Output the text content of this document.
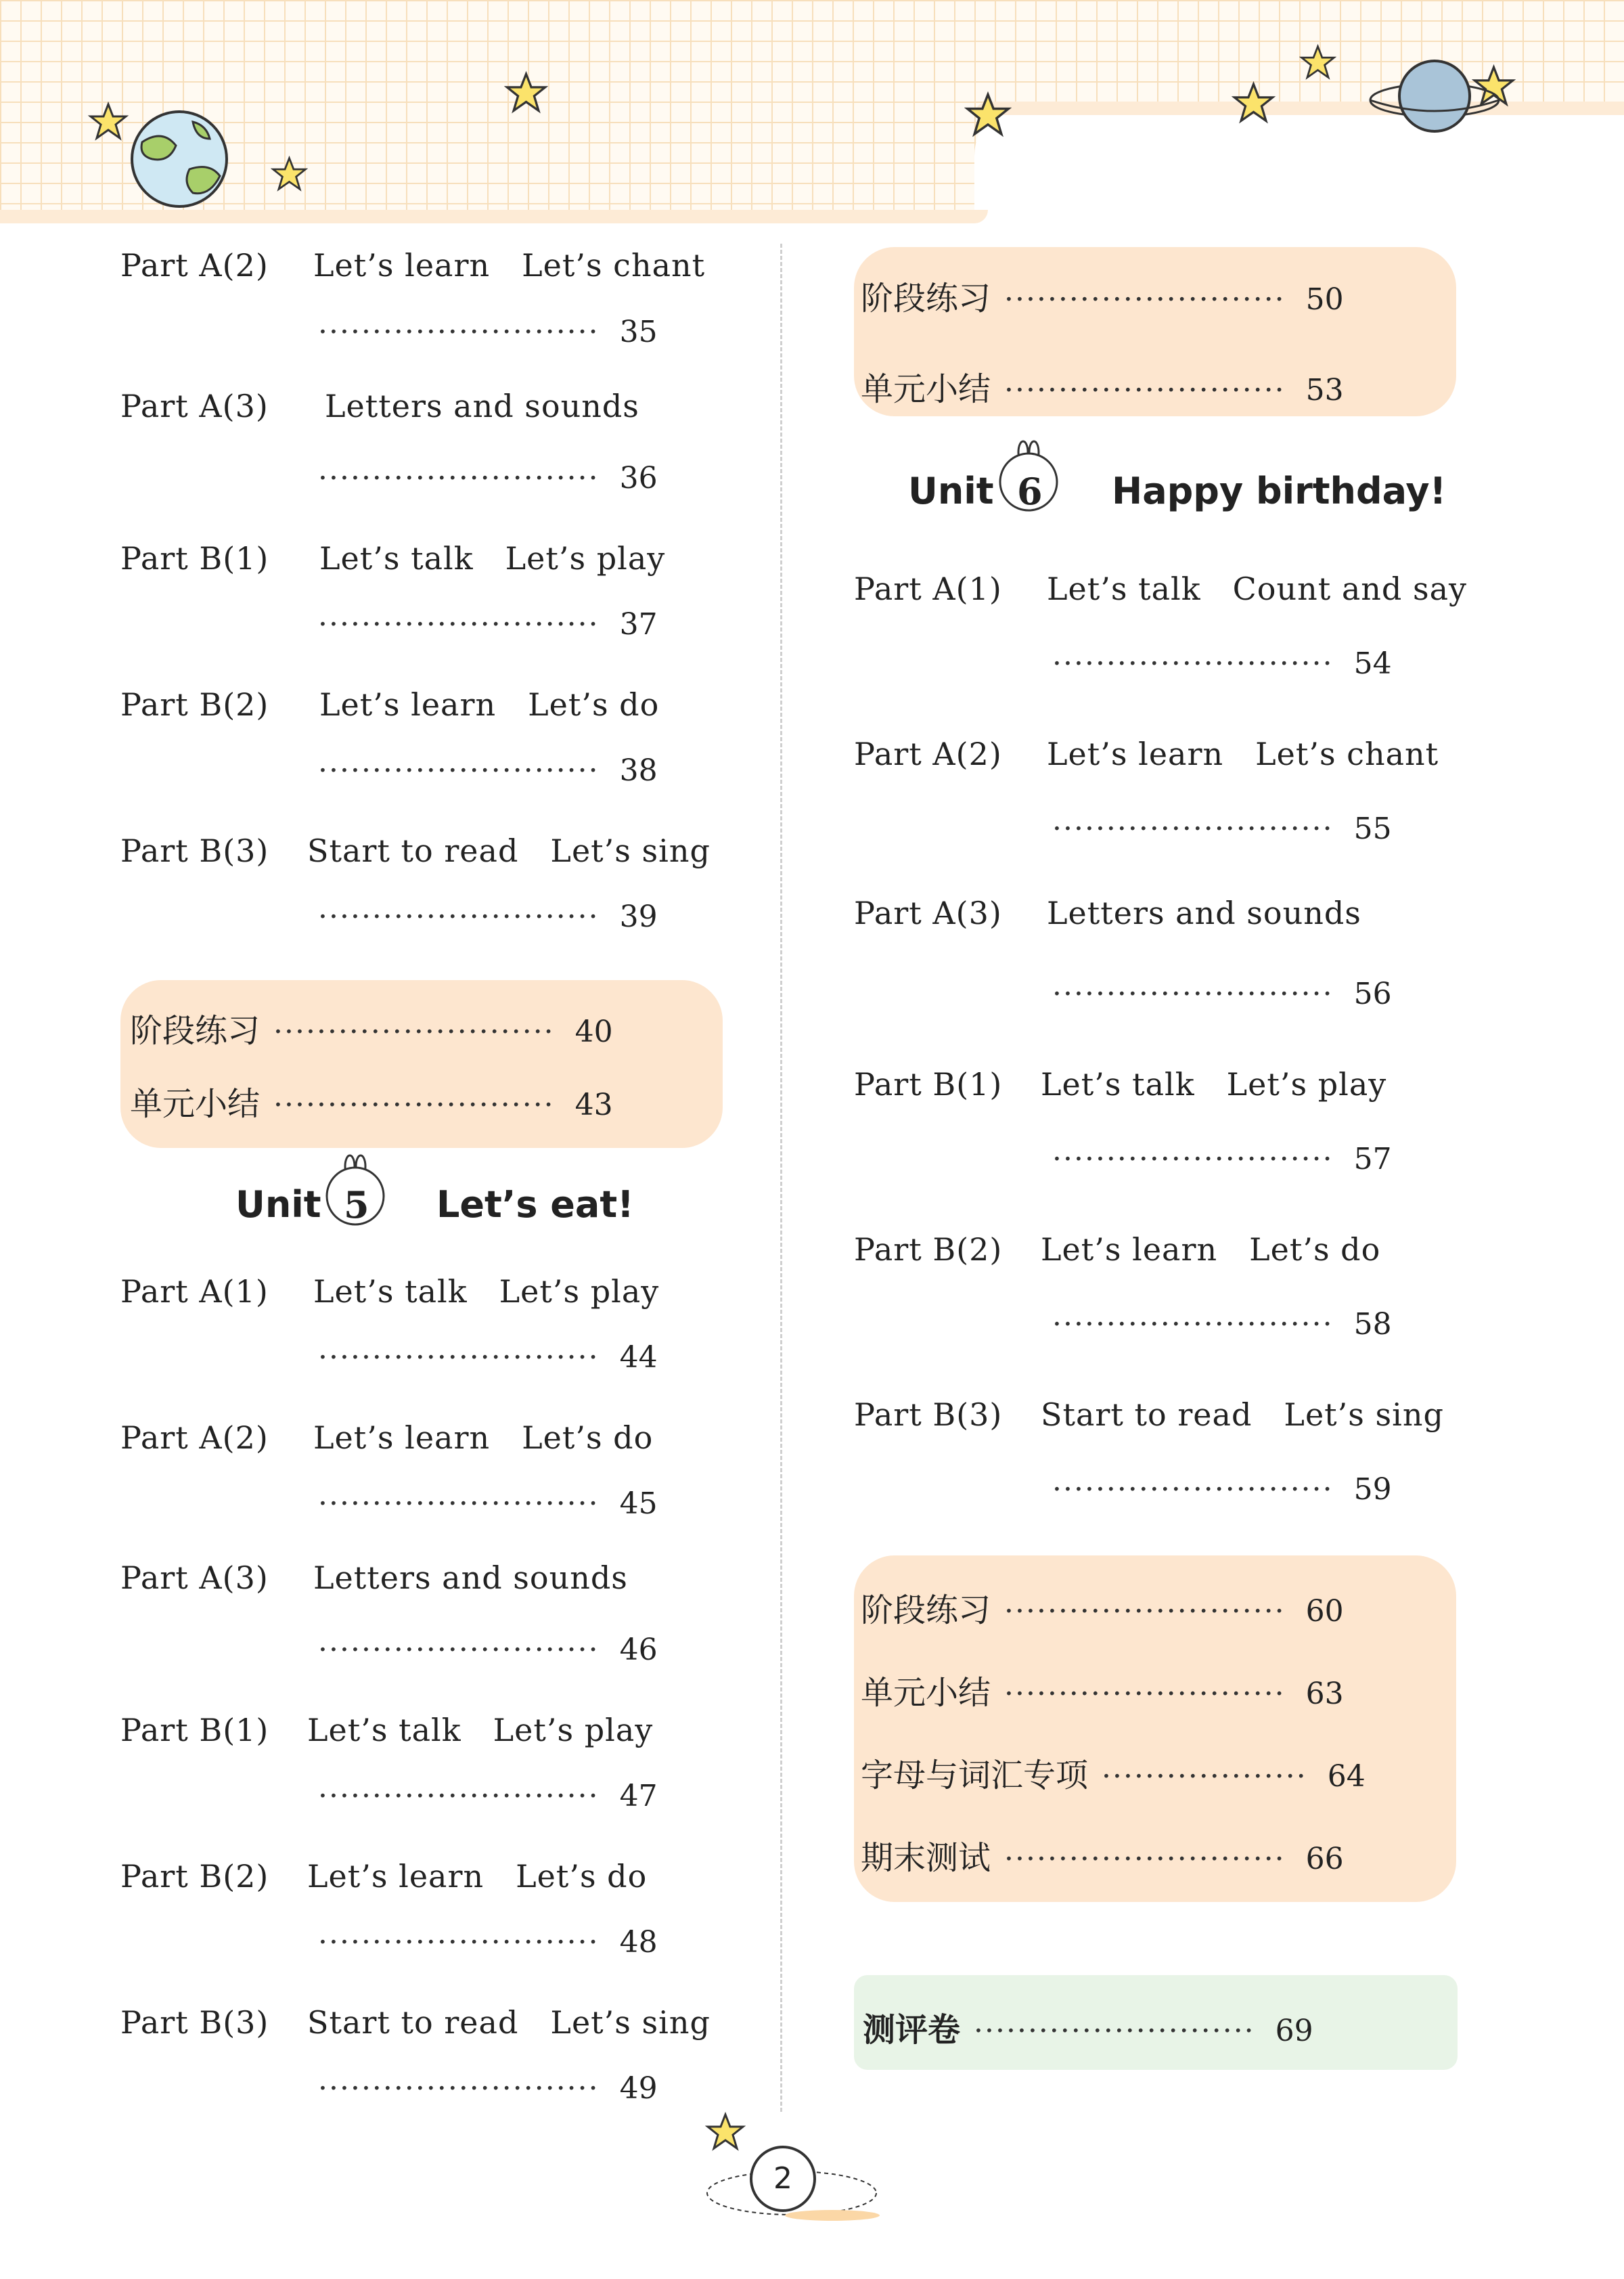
Part A(2) Let’s learn　Let’s chant
·························· 35
Part A(3) Letters and sounds
·························· 36
Part B(1) Let’s talk　Let’s play
·························· 37
Part B(2) Let’s learn　Let’s do
·························· 38
Part B(3) Start to read　Let’s sing
·························· 39
阶段练习 ·························· 40
单元小结 ·························· 43
Unit 5 Let’s eat!
Part A(1) Let’s talk　Let’s play
·························· 44
Part A(2) Let’s learn　Let’s do
·························· 45
Part A(3) Letters and sounds
·························· 46
Part B(1) Let’s talk　Let’s play
·························· 47
Part B(2) Let’s learn　Let’s do
·························· 48
Part B(3) Start to read　Let’s sing
·························· 49
阶段练习 ·························· 50
单元小结 ·························· 53
Unit 6 Happy birthday!
Part A(1) Let’s talk　Count and say
·························· 54
Part A(2) Let’s learn　Let’s chant
·························· 55
Part A(3) Letters and sounds
·························· 56
Part B(1) Let’s talk　Let’s play
·························· 57
Part B(2) Let’s learn　Let’s do
·························· 58
Part B(3) Start to read　Let’s sing
·························· 59
阶段练习 ·························· 60
单元小结 ·························· 63
字母与词汇专项 ··················· 64
期末测试 ·························· 66
测评卷 ·························· 69
2
